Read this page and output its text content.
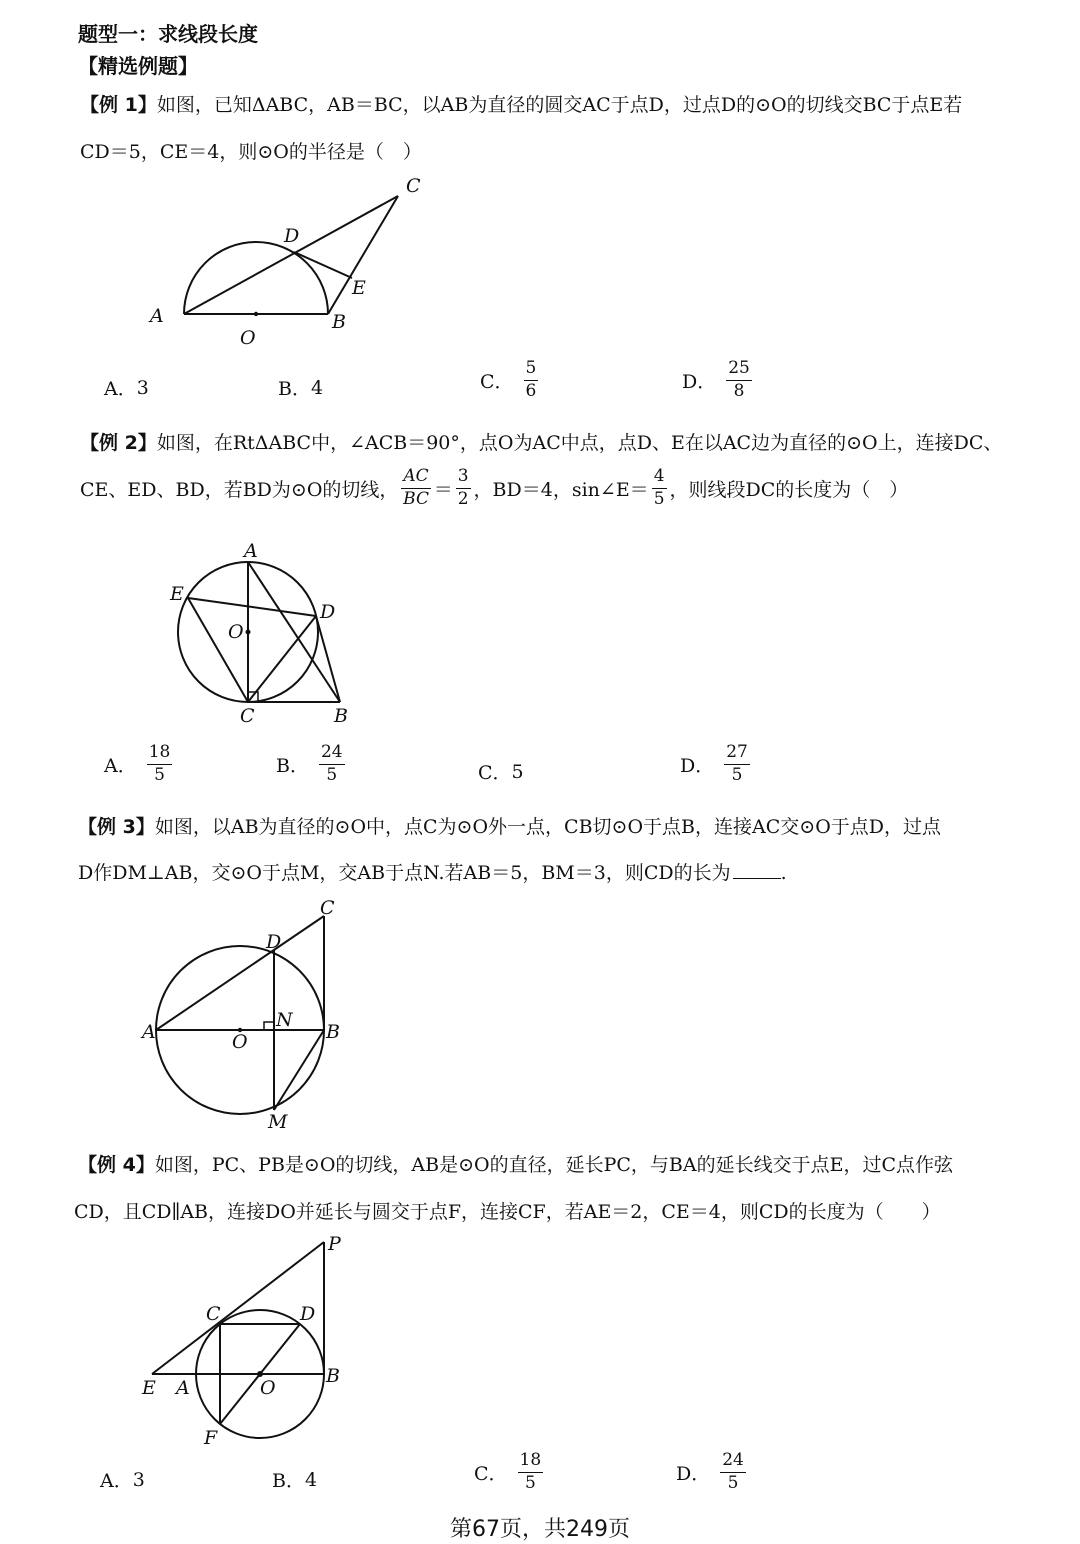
题型一：求线段长度
【精选例题】
【例 1】如图，已知ΔABC，AB＝BC，以AB为直径的圆交AC于点D，过点D的⊙O的切线交BC于点E若
CD＝5，CE＝4，则⊙O的半径是（　）
C
D
E
A	B
O
A． 3	B． 4	C． $\frac{5}{6}$	D． $\frac{25}{8}$
【例 2】如图，在RtΔABC中，∠ACB＝90°，点O为AC中点，点D、E在以AC边为直径的⊙O上，连接DC、
CE、ED、BD，若BD为⊙O的切线， $\frac{AC}{BC} = \frac{3}{2}$ ，BD＝4，sin∠E＝ $\frac{4}{5}$ ，则线段DC的长度为（　）
A
E
D
O
C	B
A． $\frac{18}{5}$	B． $\frac{24}{5}$	C． 5	D． $\frac{27}{5}$
【例 3】如图，以AB为直径的⊙O中，点C为⊙O外一点，CB切⊙O于点B，连接AC交⊙O于点D，过点
D作DM⊥AB，交⊙O于点M，交AB于点N.若AB＝5，BM＝3，则CD的长为	.
C
D
A
N
O	B
M
【例 4】如图，PC、PB是⊙O的切线，AB是⊙O的直径，延长PC，与BA的延长线交于点E，过C点作弦
CD，且CD∥AB，连接DO并延长与圆交于点F，连接CF，若AE＝2，CE＝4，则CD的长度为（　　）
P
C	D
E A	O
B
F
A． 3	B． 4	C． $\frac{18}{5}$	D． $\frac{24}{5}$
第67页，共249页
